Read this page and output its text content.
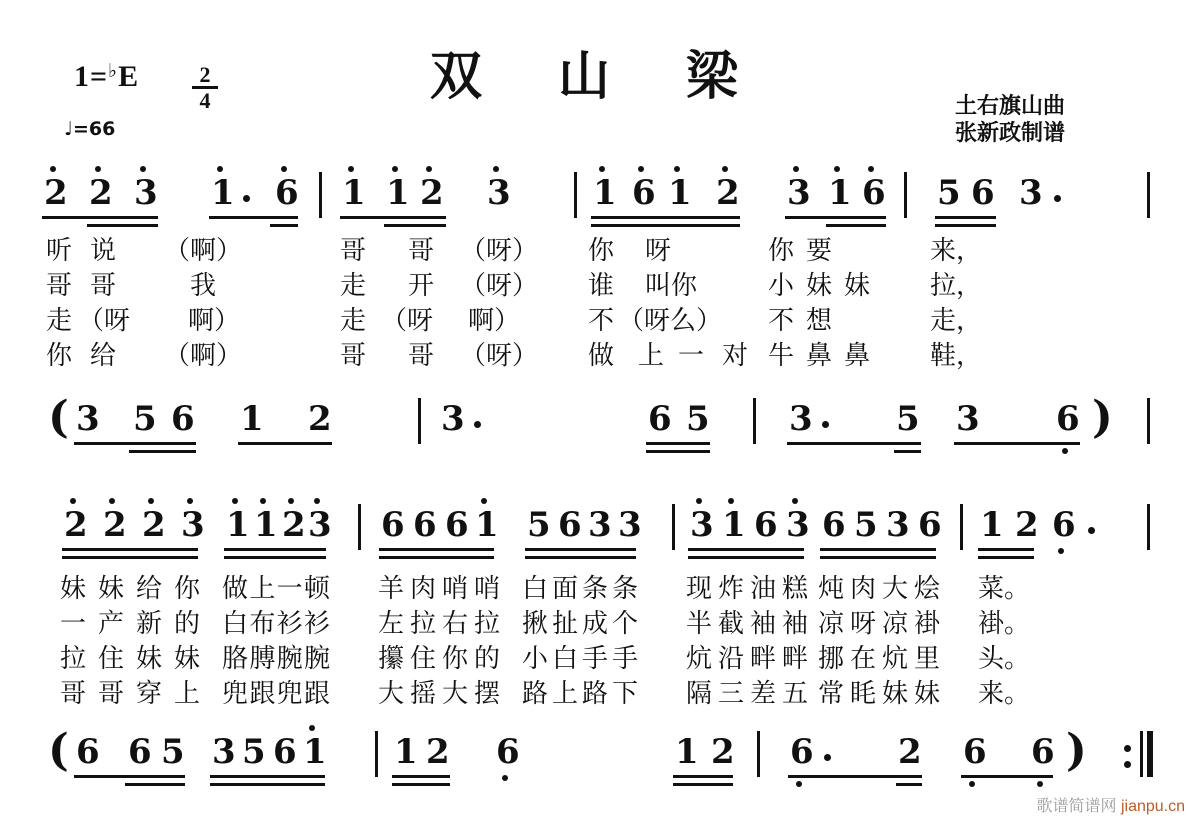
1=♭E	2
4
♩=66
双 山 梁	土右旗山曲
张新政制谱
2 2 3 1 6 1 1 2 3 1 6 1 2 3 1 6 5 6 3
( 3 5 6 1 2	3	6 5 3 5 3 6 )
2 2 2 3 1 1 2 3 6 6 6 1 5 6 3 3 3 1 6 3 6 5 3 6 1 2 6
( 6 6 5 3 5 6 1 1 2 6	1 2 6 2 6 6 )
听 说 （啊）	哥 哥 （呀） 你 呀	你 要	来，
哥 哥	我	走 开 （呀） 谁 叫你	小 妹 妹 拉，
走 （呀 啊）	走 （呀 啊）	不 （呀么） 不 想	走，
你 给 （啊）	哥 哥 （呀） 做 上 一 对 牛 鼻 鼻 鞋，
妹 妹 给 你 做 上 一 顿 羊 肉 哨 哨 白 面 条 条 现 炸 油 糕 炖 肉 大 烩 菜。
一 产 新 的 白 布 衫 衫 左 拉 右 拉 揪 扯 成 个 半 截 袖 袖 凉 呀 凉 褂 褂。
拉 住 妹 妹 胳 膊 腕 腕 攥 住 你 的 小 白 手 手 炕 沿 畔 畔 挪 在 炕 里 头。
哥 哥 穿 上 兜 跟 兜 跟 大 摇 大 摆 路 上 路 下 隔 三 差 五 常 眊 妹 妹 来。
歌谱简谱网 jianpu.cn
